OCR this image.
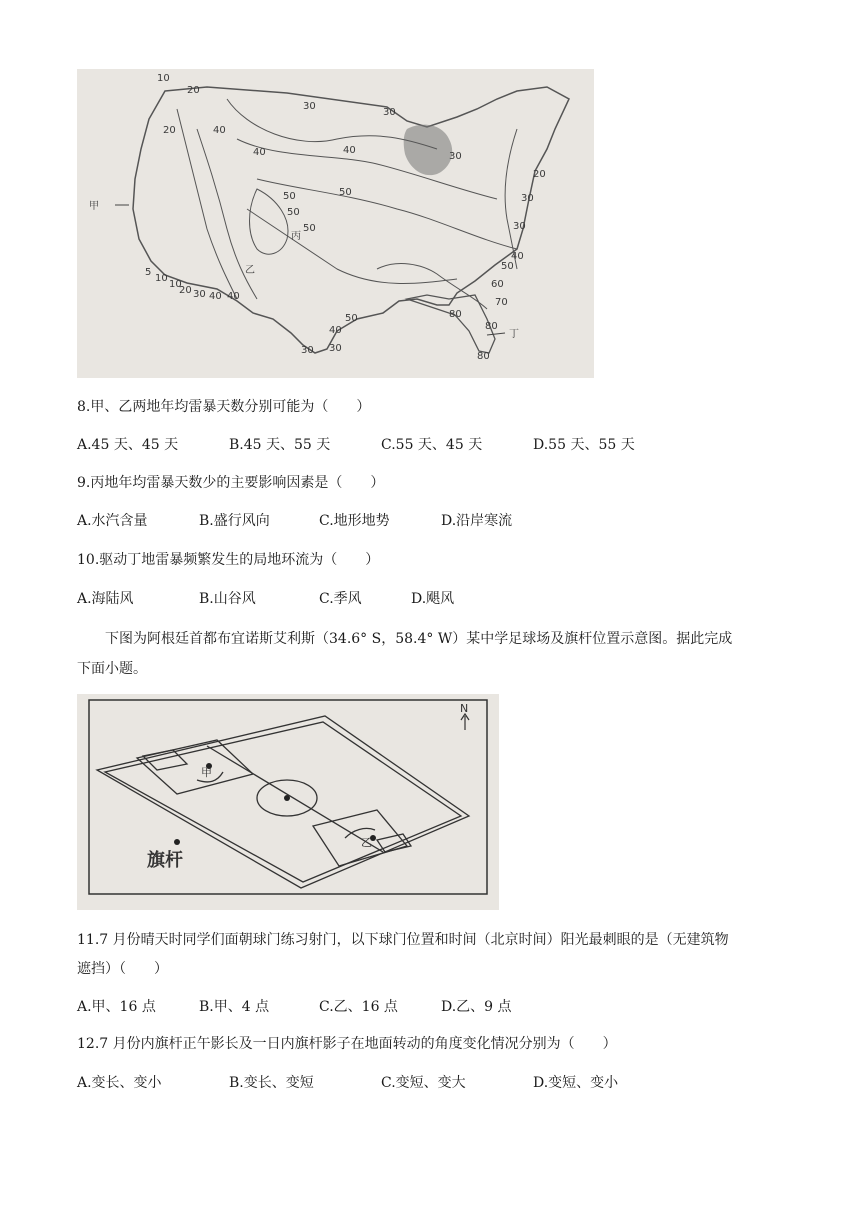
10
20
20	40
30
30
30
40	40
50
50
50
50
30
20
30
40
50
60
70
80
80
80
40
50
30 30
5
10
10
20 30 40 40
甲
乙
丙
丁
8.甲、乙两地年均雷暴天数分别可能为（　　）
A.45 天、45 天	B.45 天、55 天	C.55 天、45 天	D.55 天、55 天
9.丙地年均雷暴天数少的主要影响因素是（　　）
A.水汽含量	B.盛行风向	C.地形地势	D.沿岸寒流
10.驱动丁地雷暴频繁发生的局地环流为（　　）
A.海陆风	B.山谷风	C.季风	D.飓风
下图为阿根廷首都布宜诺斯艾利斯（34.6° S，58.4° W）某中学足球场及旗杆位置示意图。据此完成
下面小题。
甲
乙
旗杆
N
11.7 月份晴天时同学们面朝球门练习射门，以下球门位置和时间（北京时间）阳光最刺眼的是（无建筑物
遮挡）（　　）
A.甲、16 点	B.甲、4 点	C.乙、16 点	D.乙、9 点
12.7 月份内旗杆正午影长及一日内旗杆影子在地面转动的角度变化情况分别为（　　）
A.变长、变小	B.变长、变短	C.变短、变大	D.变短、变小
